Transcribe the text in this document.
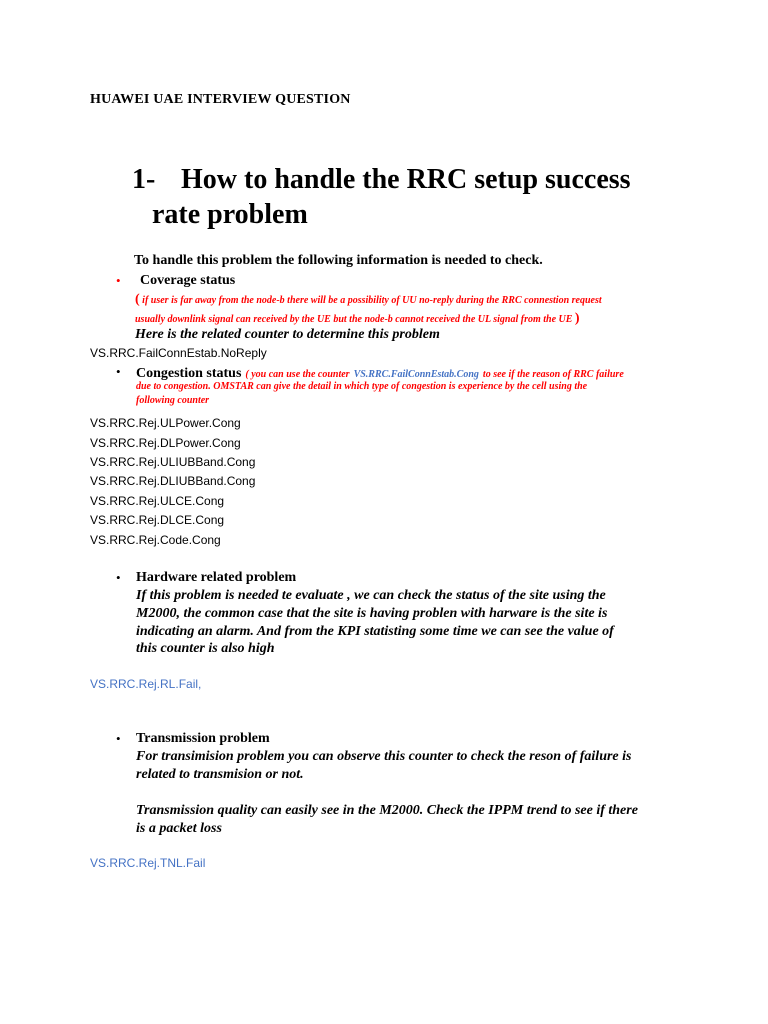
HUAWEI UAE INTERVIEW QUESTION
1- How to handle the RRC setup success
rate problem
To handle this problem the following information is needed to check.
• Coverage status
( if user is far away from the node-b there will be a possibility of UU no-reply during the RRC connestion request
usually downlink signal can received by the UE but the node-b cannot received the UL signal from the UE )
Here is the related counter to determine this problem
VS.RRC.FailConnEstab.NoReply
• Congestion status ( you can use the counter VS.RRC.FailConnEstab.Cong to see if the reason of RRC failure
due to congestion. OMSTAR can give the detail in which type of congestion is experience by the cell using the
following counter
VS.RRC.Rej.ULPower.Cong
VS.RRC.Rej.DLPower.Cong
VS.RRC.Rej.ULIUBBand.Cong
VS.RRC.Rej.DLIUBBand.Cong
VS.RRC.Rej.ULCE.Cong
VS.RRC.Rej.DLCE.Cong
VS.RRC.Rej.Code.Cong
• Hardware related problem
If this problem is needed te evaluate , we can check the status of the site using the
M2000, the common case that the site is having problen with harware is the site is
indicating an alarm. And from the KPI statisting some time we can see the value of
this counter is also high
VS.RRC.Rej.RL.Fail,
• Transmission problem
For transimision problem you can observe this counter to check the reson of failure is
related to transmision or not.
Transmission quality can easily see in the M2000. Check the IPPM trend to see if there
is a packet loss
VS.RRC.Rej.TNL.Fail
